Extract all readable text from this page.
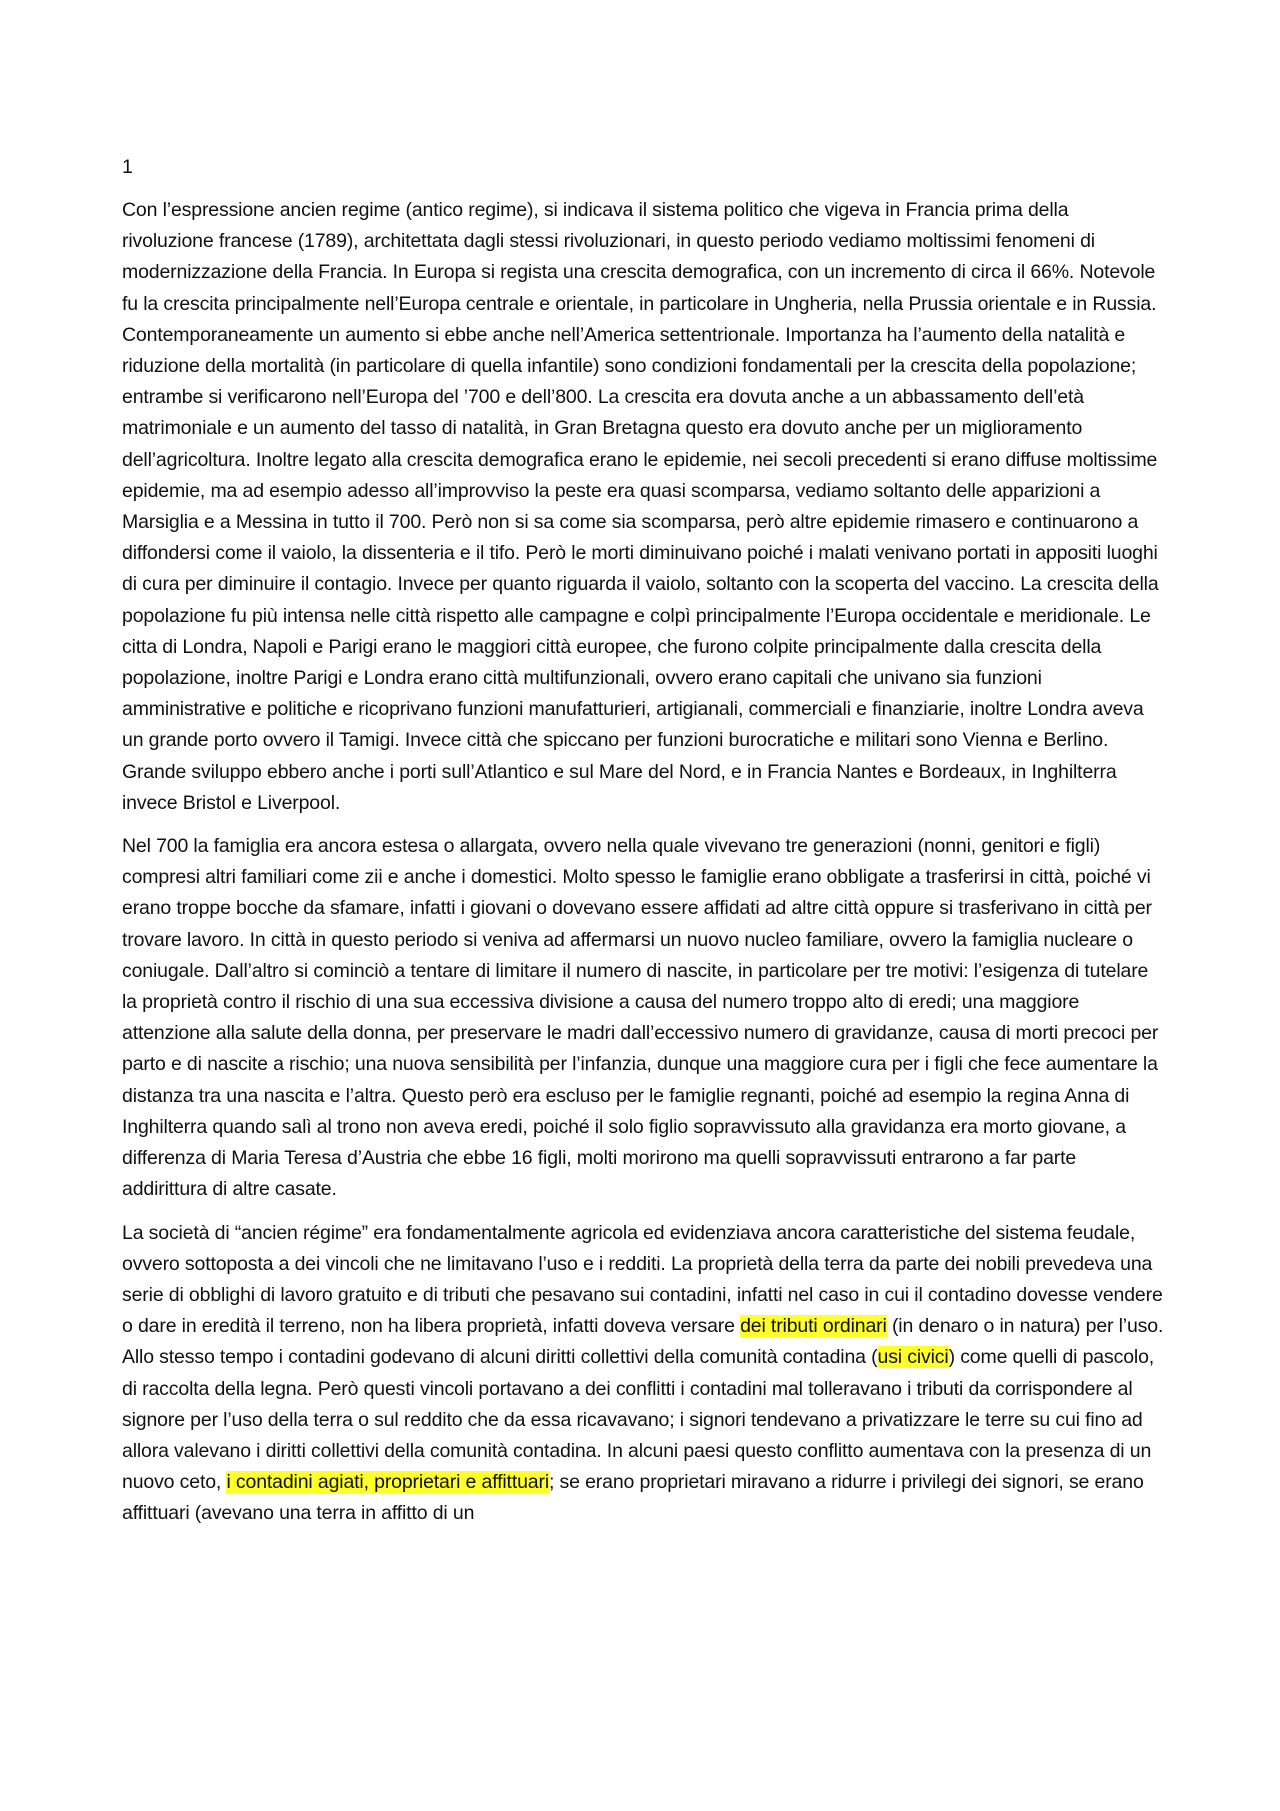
1

Con l’espressione ancien regime (antico regime), si indicava il sistema politico che vigeva in Francia prima della rivoluzione francese (1789), architettata dagli stessi rivoluzionari, in questo periodo vediamo moltissimi fenomeni di modernizzazione della Francia. In Europa si regista una crescita demografica, con un incremento di circa il 66%. Notevole fu la crescita principalmente nell’Europa centrale e orientale, in particolare in Ungheria, nella Prussia orientale e in Russia. Contemporaneamente un aumento si ebbe anche nell’America settentrionale. Importanza ha l’aumento della natalità e riduzione della mortalità (in particolare di quella infantile) sono condizioni fondamentali per la crescita della popolazione; entrambe si verificarono nell’Europa del ’700 e dell’800. La crescita era dovuta anche a un abbassamento dell’età matrimoniale e un aumento del tasso di natalità, in Gran Bretagna questo era dovuto anche per un miglioramento dell’agricoltura. Inoltre legato alla crescita demografica erano le epidemie, nei secoli precedenti si erano diffuse moltissime epidemie, ma ad esempio adesso all’improvviso la peste era quasi scomparsa, vediamo soltanto delle apparizioni a Marsiglia e a Messina in tutto il 700. Però non si sa come sia scomparsa, però altre epidemie rimasero e continuarono a diffondersi come il vaiolo, la dissenteria e il tifo. Però le morti diminuivano poiché i malati venivano portati in appositi luoghi di cura per diminuire il contagio. Invece per quanto riguarda il vaiolo, soltanto con la scoperta del vaccino. La crescita della popolazione fu più intensa nelle città rispetto alle campagne e colpì principalmente l’Europa occidentale e meridionale. Le citta di Londra, Napoli e Parigi erano le maggiori città europee, che furono colpite principalmente dalla crescita della popolazione, inoltre Parigi e Londra erano città multifunzionali, ovvero erano capitali che univano sia funzioni amministrative e politiche e ricoprivano funzioni manufatturieri, artigianali, commerciali e finanziarie, inoltre Londra aveva un grande porto ovvero il Tamigi. Invece città che spiccano per funzioni burocratiche e militari sono Vienna e Berlino. Grande sviluppo ebbero anche i porti sull’Atlantico e sul Mare del Nord, e in Francia Nantes e Bordeaux, in Inghilterra invece Bristol e Liverpool.

Nel 700 la famiglia era ancora estesa o allargata, ovvero nella quale vivevano tre generazioni (nonni, genitori e figli) compresi altri familiari come zii e anche i domestici. Molto spesso le famiglie erano obbligate a trasferirsi in città, poiché vi erano troppe bocche da sfamare, infatti i giovani o dovevano essere affidati ad altre città oppure si trasferivano in città per trovare lavoro. In città in questo periodo si veniva ad affermarsi un nuovo nucleo familiare, ovvero la famiglia nucleare o coniugale. Dall’altro si cominciò a tentare di limitare il numero di nascite, in particolare per tre motivi: l’esigenza di tutelare la proprietà contro il rischio di una sua eccessiva divisione a causa del numero troppo alto di eredi; una maggiore attenzione alla salute della donna, per preservare le madri dall’eccessivo numero di gravidanze, causa di morti precoci per parto e di nascite a rischio; una nuova sensibilità per l’infanzia, dunque una maggiore cura per i figli che fece aumentare la distanza tra una nascita e l’altra. Questo però era escluso per le famiglie regnanti, poiché ad esempio la regina Anna di Inghilterra quando salì al trono non aveva eredi, poiché il solo figlio sopravvissuto alla gravidanza era morto giovane, a differenza di Maria Teresa d’Austria che ebbe 16 figli, molti morirono ma quelli sopravvissuti entrarono a far parte addirittura di altre casate.

La società di “ancien régime” era fondamentalmente agricola ed evidenziava ancora caratteristiche del sistema feudale, ovvero sottoposta a dei vincoli che ne limitavano l’uso e i redditi. La proprietà della terra da parte dei nobili prevedeva una serie di obblighi di lavoro gratuito e di tributi che pesavano sui contadini, infatti nel caso in cui il contadino dovesse vendere o dare in eredità il terreno, non ha libera proprietà, infatti doveva versare dei tributi ordinari (in denaro o in natura) per l’uso. Allo stesso tempo i contadini godevano di alcuni diritti collettivi della comunità contadina (usi civici) come quelli di pascolo, di raccolta della legna. Però questi vincoli portavano a dei conflitti i contadini mal tolleravano i tributi da corrispondere al signore per l’uso della terra o sul reddito che da essa ricavavano; i signori tendevano a privatizzare le terre su cui fino ad allora valevano i diritti collettivi della comunità contadina. In alcuni paesi questo conflitto aumentava con la presenza di un nuovo ceto, i contadini agiati, proprietari e affittuari; se erano proprietari miravano a ridurre i privilegi dei signori, se erano affittuari (avevano una terra in affitto di un
